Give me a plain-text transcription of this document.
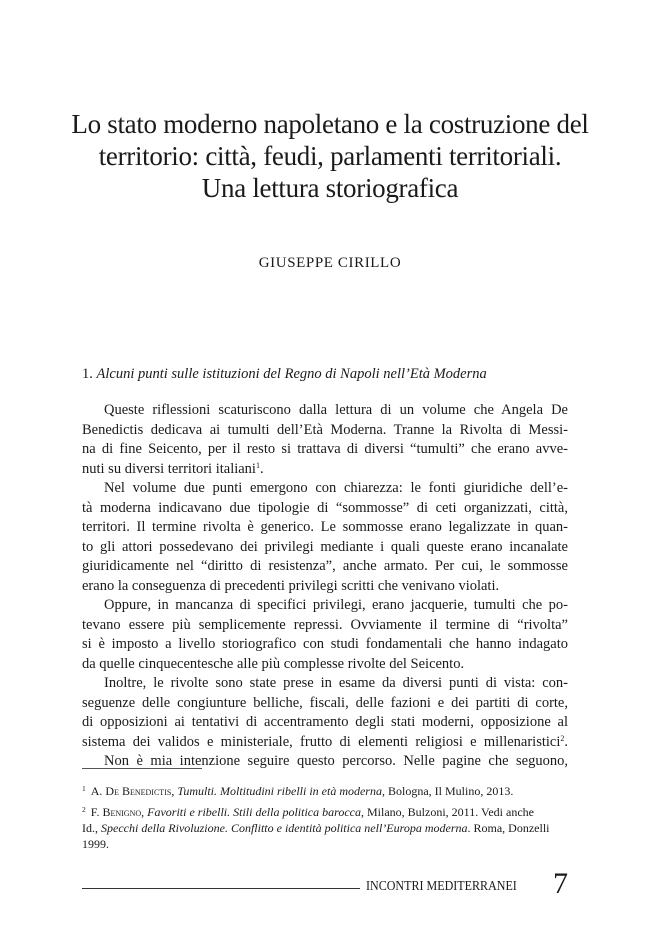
Lo stato moderno napoletano e la costruzione del
territorio: città, feudi, parlamenti territoriali.
Una lettura storiografica

GIUSEPPE CIRILLO

1. Alcuni punti sulle istituzioni del Regno di Napoli nell’Età Moderna

Queste riflessioni scaturiscono dalla lettura di un volume che Angela De
Benedictis dedicava ai tumulti dell’Età Moderna. Tranne la Rivolta di Messi-
na di fine Seicento, per il resto si trattava di diversi “tumulti” che erano avve-
nuti su diversi territori italiani$^1$.
Nel volume due punti emergono con chiarezza: le fonti giuridiche dell’e-
tà moderna indicavano due tipologie di “sommosse” di ceti organizzati, città,
territori. Il termine rivolta è generico. Le sommosse erano legalizzate in quan-
to gli attori possedevano dei privilegi mediante i quali queste erano incanalate
giuridicamente nel “diritto di resistenza”, anche armato. Per cui, le sommosse
erano la conseguenza di precedenti privilegi scritti che venivano violati.
Oppure, in mancanza di specifici privilegi, erano jacquerie, tumulti che po-
tevano essere più semplicemente repressi. Ovviamente il termine di “rivolta”
si è imposto a livello storiografico con studi fondamentali che hanno indagato
da quelle cinquecentesche alle più complesse rivolte del Seicento.
Inoltre, le rivolte sono state prese in esame da diversi punti di vista: con-
seguenze delle congiunture belliche, fiscali, delle fazioni e dei partiti di corte,
di opposizioni ai tentativi di accentramento degli stati moderni, opposizione al
sistema dei validos e ministeriale, frutto di elementi religiosi e millenaristici$^2$.
Non è mia intenzione seguire questo percorso. Nelle pagine che seguono,

$^1$ A. De Benedictis, Tumulti. Moltitudini ribelli in età moderna, Bologna, Il Mulino, 2013.

$^2$ F. Benigno, Favoriti e ribelli. Stili della politica barocca, Milano, Bulzoni, 2011. Vedi anche
Id., Specchi della Rivoluzione. Conflitto e identità politica nell’Europa moderna. Roma, Donzelli
1999.

INCONTRI MEDITERRANEI 7
